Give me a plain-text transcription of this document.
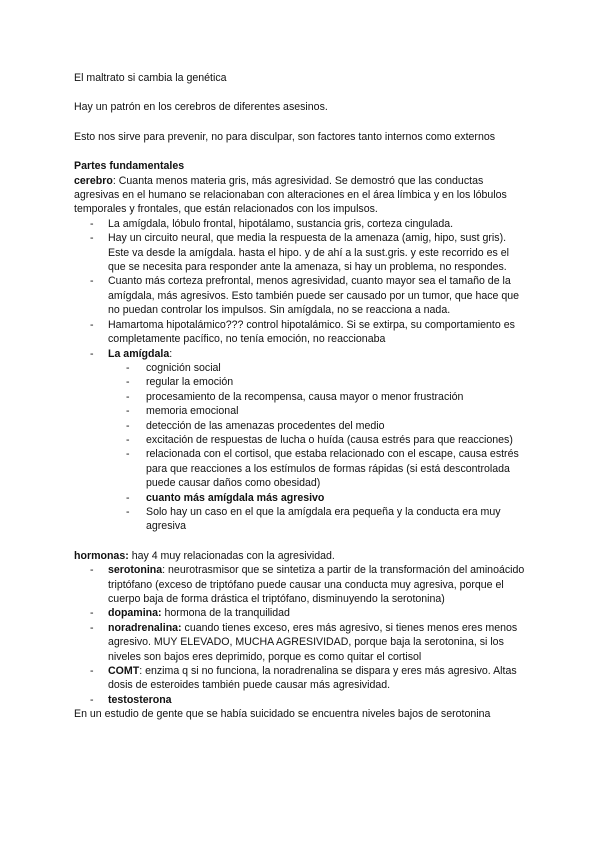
El maltrato si cambia la genética

Hay un patrón en los cerebros de diferentes asesinos.

Esto nos sirve para prevenir, no para disculpar, son factores tanto internos como externos

Partes fundamentales

cerebro: Cuanta menos materia gris, más agresividad. Se demostró que las conductas agresivas en el humano se relacionaban con alteraciones en el área límbica y en los lóbulos temporales y frontales, que están relacionados con los impulsos.

- La amígdala, lóbulo frontal, hipotálamo, sustancia gris, corteza cingulada.
- Hay un circuito neural, que media la respuesta de la amenaza (amig, hipo, sust gris). Este va desde la amígdala. hasta el hipo. y de ahí a la sust.gris. y este recorrido es el que se necesita para responder ante la amenaza, si hay un problema, no respondes.
- Cuanto más corteza prefrontal, menos agresividad, cuanto mayor sea el tamaño de la amígdala, más agresivos. Esto también puede ser causado por un tumor, que hace que no puedan controlar los impulsos. Sin amígdala, no se reacciona a nada.
- Hamartoma hipotalámico??? control hipotalámico. Si se extirpa, su comportamiento es completamente pacífico, no tenía emoción, no reaccionaba
- La amígdala:
- cognición social
- regular la emoción
- procesamiento de la recompensa, causa mayor o menor frustración
- memoria emocional
- detección de las amenazas procedentes del medio
- excitación de respuestas de lucha o huída (causa estrés para que reacciones)
- relacionada con el cortisol, que estaba relacionado con el escape, causa estrés para que reacciones a los estímulos de formas rápidas (si está descontrolada puede causar daños como obesidad)
- cuanto más amígdala más agresivo
- Solo hay un caso en el que la amígdala era pequeña y la conducta era muy agresiva

hormonas: hay 4 muy relacionadas con la agresividad.

- serotonina: neurotrasmisor que se sintetiza a partir de la transformación del aminoácido triptófano (exceso de triptófano puede causar una conducta muy agresiva, porque el cuerpo baja de forma drástica el triptófano, disminuyendo la serotonina)
- dopamina: hormona de la tranquilidad
- noradrenalina: cuando tienes exceso, eres más agresivo, si tienes menos eres menos agresivo. MUY ELEVADO, MUCHA AGRESIVIDAD, porque baja la serotonina, si los niveles son bajos eres deprimido, porque es como quitar el cortisol
- COMT: enzima q si no funciona, la noradrenalina se dispara y eres más agresivo. Altas dosis de esteroides también puede causar más agresividad.
- testosterona

En un estudio de gente que se había suicidado se encuentra niveles bajos de serotonina
